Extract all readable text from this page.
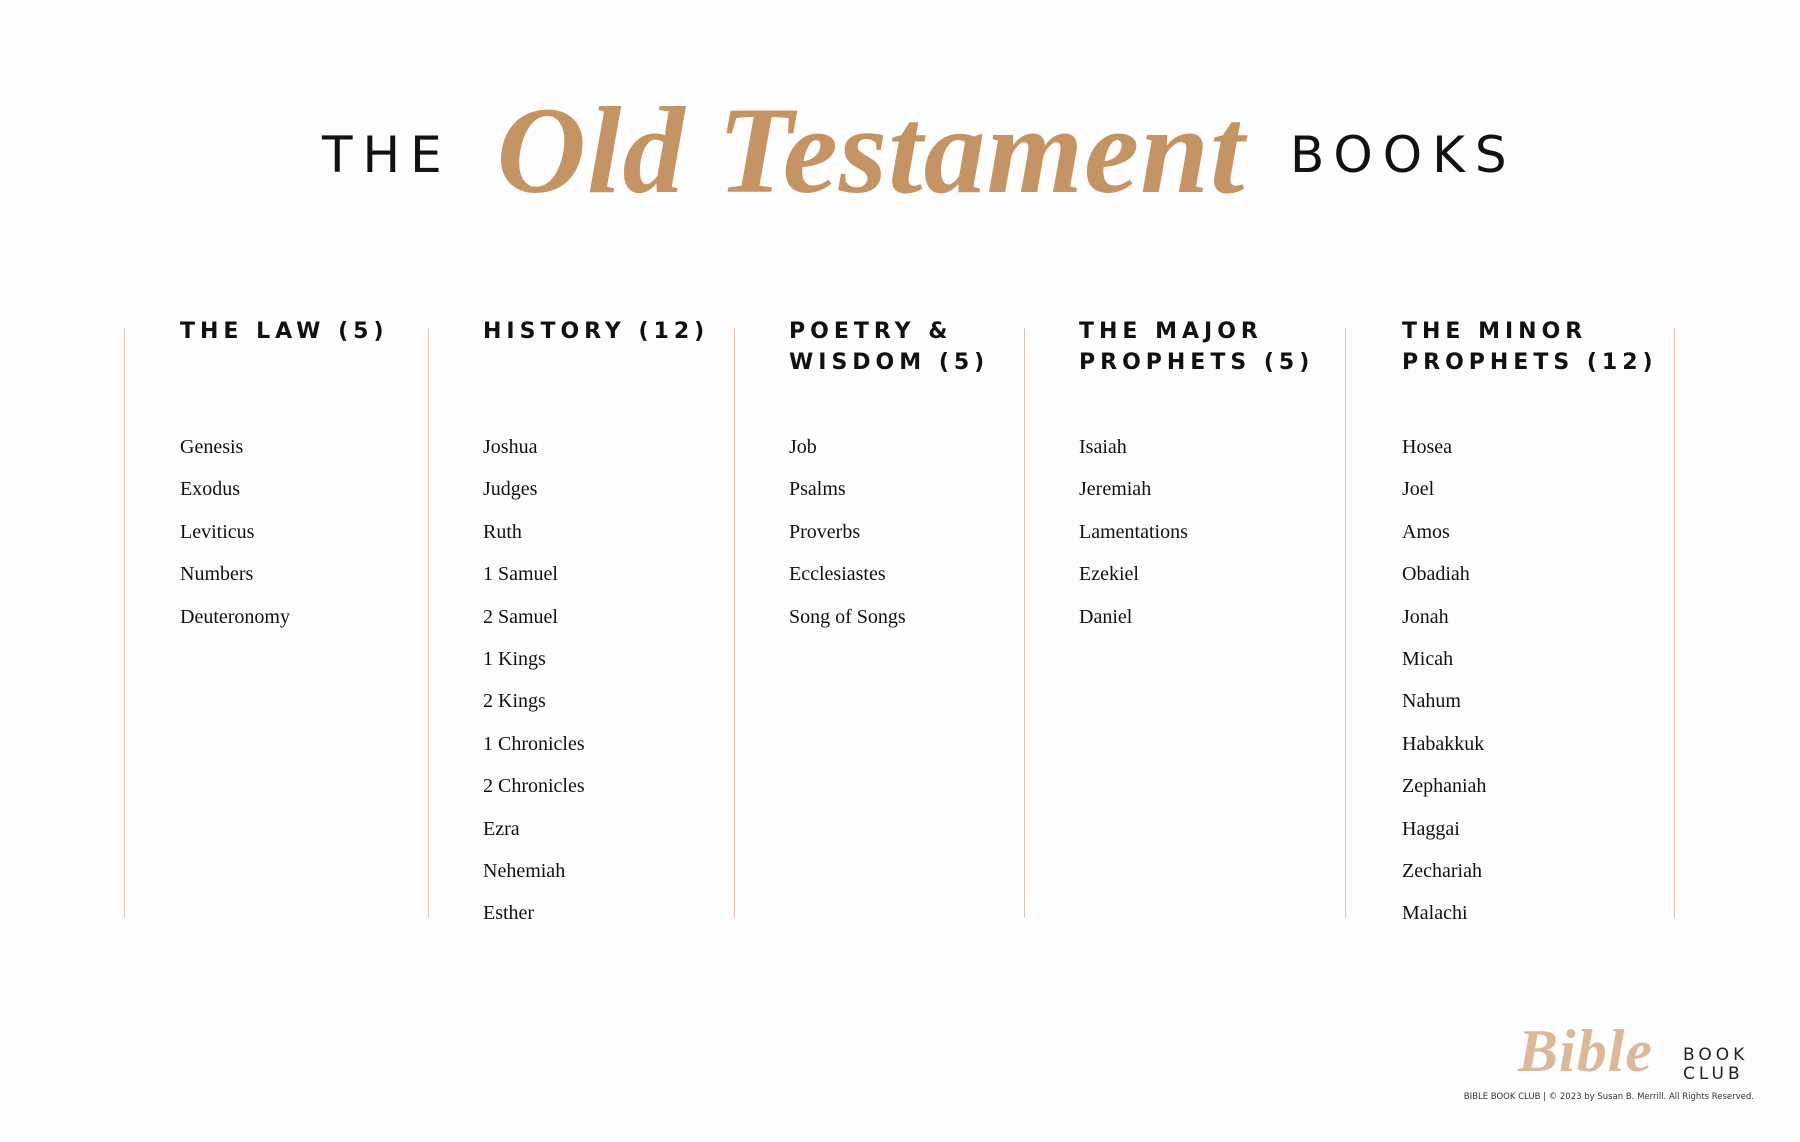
THE Old Testament BOOKS
THE LAW (5)
Genesis
Exodus
Leviticus
Numbers
Deuteronomy
HISTORY (12)
Joshua
Judges
Ruth
1 Samuel
2 Samuel
1 Kings
2 Kings
1 Chronicles
2 Chronicles
Ezra
Nehemiah
Esther
POETRY &
WISDOM (5)
Job
Psalms
Proverbs
Ecclesiastes
Song of Songs
THE MAJOR
PROPHETS (5)
Isaiah
Jeremiah
Lamentations
Ezekiel
Daniel
THE MINOR
PROPHETS (12)
Hosea
Joel
Amos
Obadiah
Jonah
Micah
Nahum
Habakkuk
Zephaniah
Haggai
Zechariah
Malachi
Bible BOOK
CLUB
BIBLE BOOK CLUB | © 2023 by Susan B. Merrill. All Rights Reserved.
